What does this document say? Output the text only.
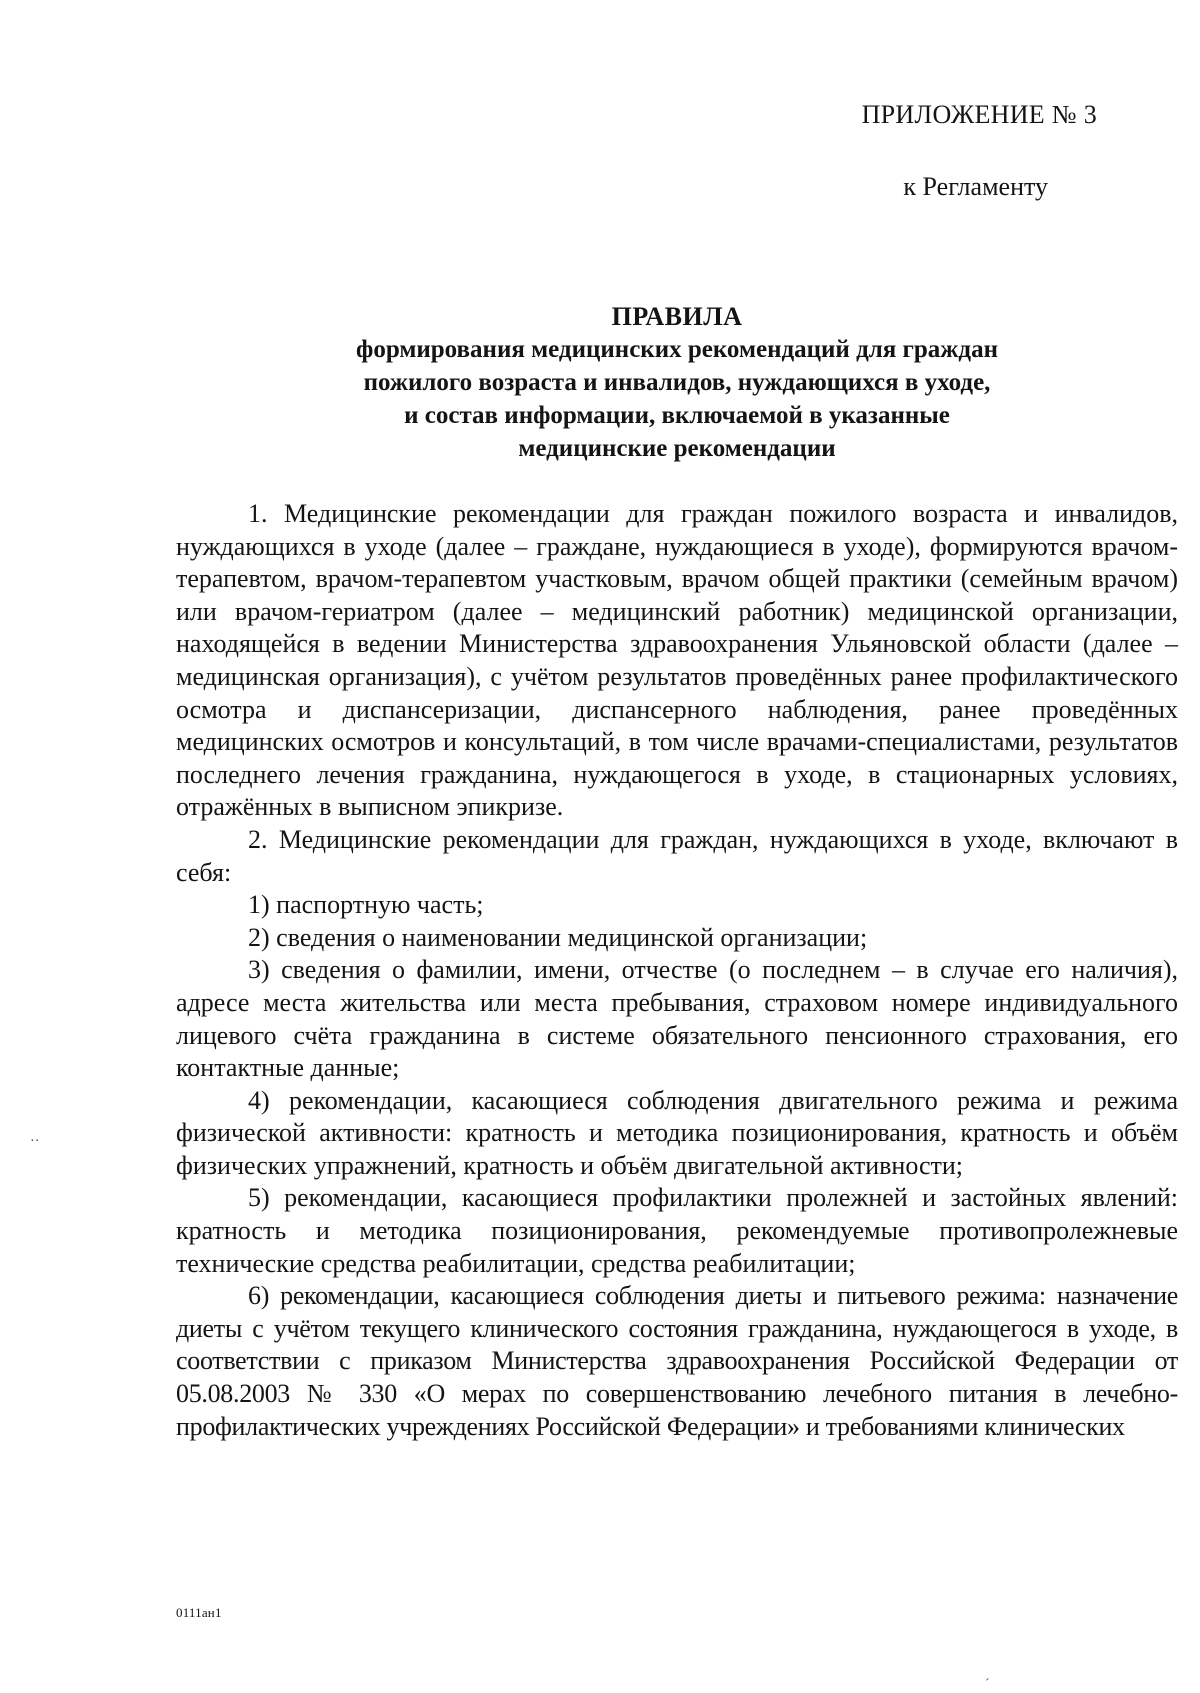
ПРИЛОЖЕНИЕ № 3
к Регламенту
ПРАВИЛА
формирования медицинских рекомендаций для граждан
пожилого возраста и инвалидов, нуждающихся в уходе,
и состав информации, включаемой в указанные
медицинские рекомендации

1. Медицинские рекомендации для граждан пожилого возраста и инвалидов, нуждающихся в уходе (далее – граждане, нуждающиеся в уходе), формируются врачом-терапевтом, врачом-терапевтом участковым, врачом общей практики (семейным врачом) или врачом-гериатром (далее – медицинский работник) медицинской организации, находящейся в ведении Министерства здравоохранения Ульяновской области (далее – медицинская организация), с учётом результатов проведённых ранее профилактического осмотра и диспансеризации, диспансерного наблюдения, ранее проведённых медицинских осмотров и консультаций, в том числе врачами-специалистами, результатов последнего лечения гражданина, нуждающегося в уходе, в стационарных условиях, отражённых в выписном эпикризе.

2. Медицинские рекомендации для граждан, нуждающихся в уходе, включают в себя:

1) паспортную часть;

2) сведения о наименовании медицинской организации;

3) сведения о фамилии, имени, отчестве (о последнем – в случае его наличия), адресе места жительства или места пребывания, страховом номере индивидуального лицевого счёта гражданина в системе обязательного пенсионного страхования, его контактные данные;

4) рекомендации, касающиеся соблюдения двигательного режима и режима физической активности: кратность и методика позиционирования, кратность и объём физических упражнений, кратность и объём двигательной активности;

5) рекомендации, касающиеся профилактики пролежней и застойных явлений: кратность и методика позиционирования, рекомендуемые противопролежневые технические средства реабилитации, средства реабилитации;

6) рекомендации, касающиеся соблюдения диеты и питьевого режима: назначение диеты с учётом текущего клинического состояния гражданина, нуждающегося в уходе, в соответствии с приказом Министерства здравоохранения Российской Федерации от 05.08.2003 № 330 «О мерах по совершенствованию лечебного питания в лечебно-профилактических учреждениях Российской Федерации» и требованиями клинических

0111ан1
⋅⋅
´
